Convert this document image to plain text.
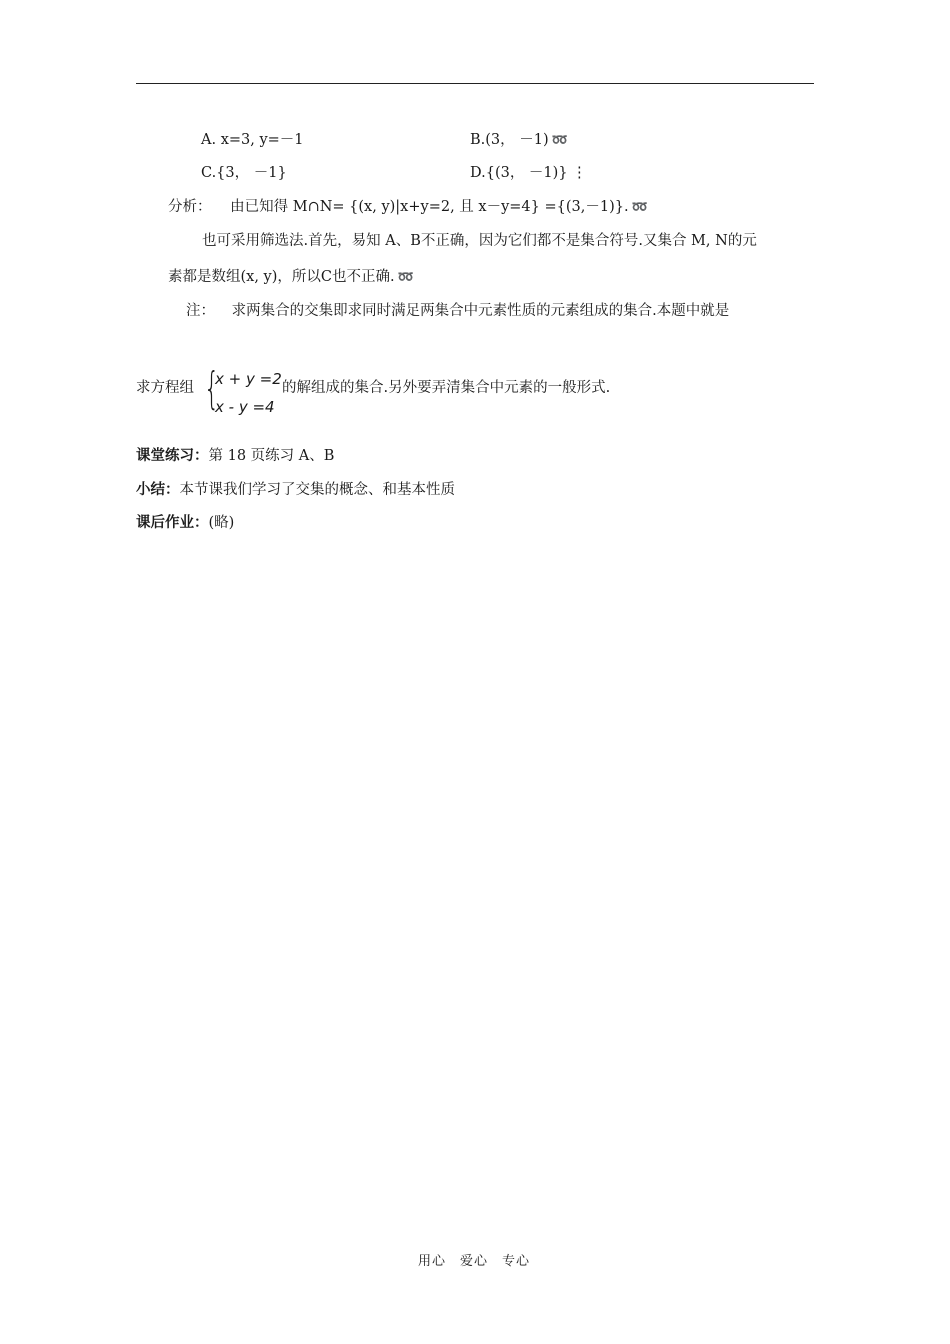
A. x=3, y=－1	B.(3， －1) ➿
C.{3， －1}	D.{(3， －1)} ⋮
分析： 由已知得 M∩N= {(x, y)|x+y=2, 且 x－y=4} ={(3,－1)}. ➿
也可采用筛选法.首先，易知 A、B不正确，因为它们都不是集合符号.又集合 M, N的元
素都是数组(x, y)，所以C也不正确. ➿
注： 求两集合的交集即求同时满足两集合中元素性质的元素组成的集合.本题中就是
求方程组 {
x + y =2
x - y =4
的解组成的集合.另外要弄清集合中元素的一般形式.
课堂练习：第 18 页练习 A、B
小结：本节课我们学习了交集的概念、和基本性质
课后作业：(略)
用心　爱心　专心
